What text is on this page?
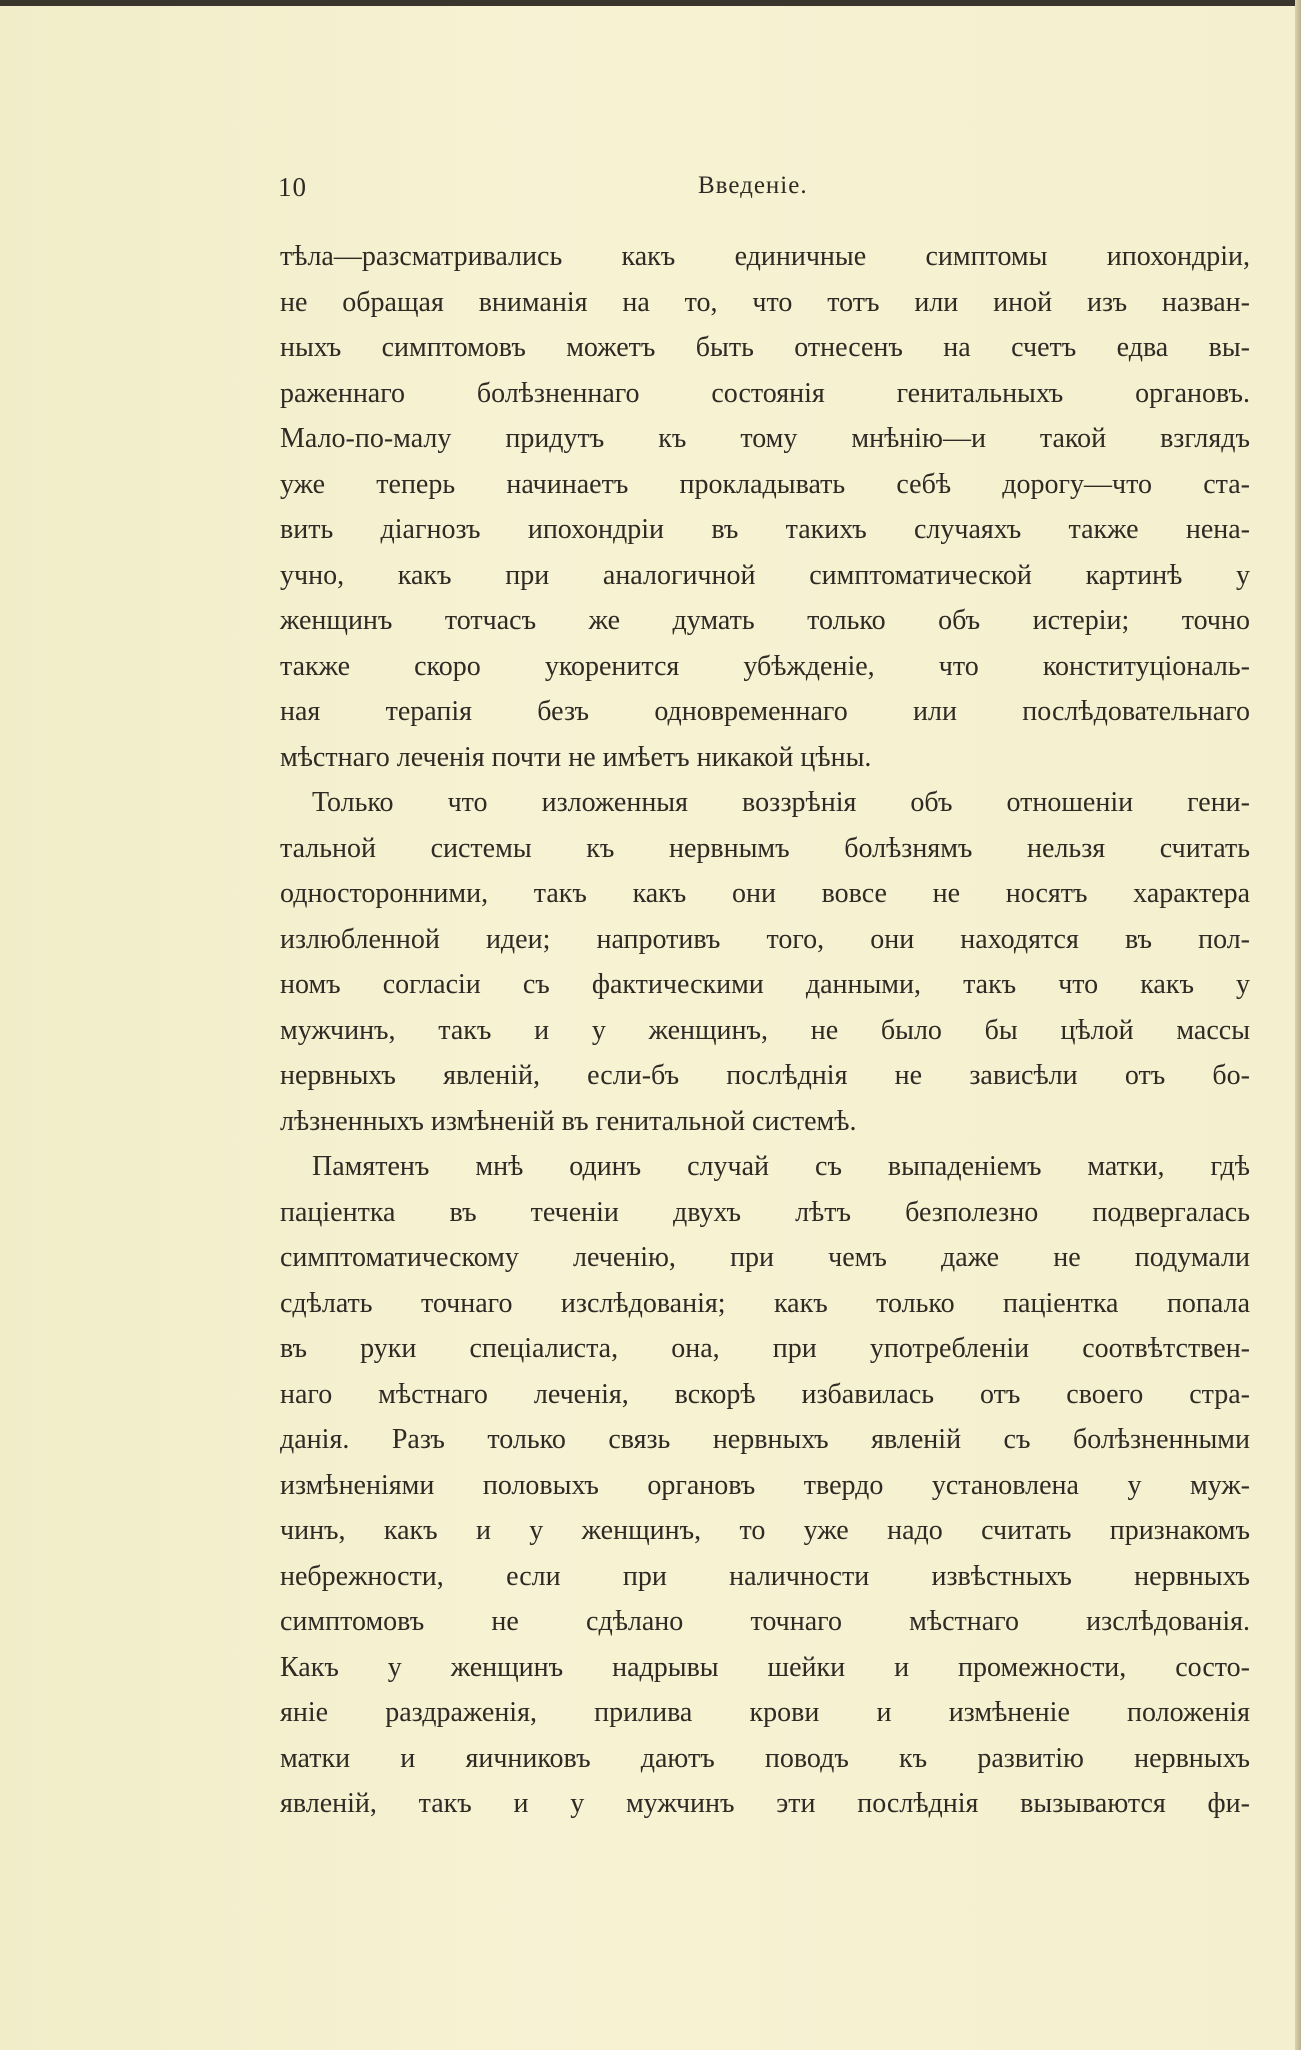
10	Введеніе.
тѣла—разсматривались какъ единичные симптомы ипохондріи,
не обращая вниманія на то, что тотъ или иной изъ назван-
ныхъ симптомовъ можетъ быть отнесенъ на счетъ едва вы-
раженнаго болѣзненнаго состоянія генитальныхъ органовъ.
Мало-по-малу придутъ къ тому мнѣнію—и такой взглядъ
уже теперь начинаетъ прокладывать себѣ дорогу—что ста-
вить діагнозъ ипохондріи въ такихъ случаяхъ также нена-
учно, какъ при аналогичной симптоматической картинѣ у
женщинъ тотчасъ же думать только объ истеріи; точно
также скоро укоренится убѣжденіе, что конституціональ-
ная терапія безъ одновременнаго или послѣдовательнаго
мѣстнаго леченія почти не имѣетъ никакой цѣны.
Только что изложенныя воззрѣнія объ отношеніи гени-
тальной системы къ нервнымъ болѣзнямъ нельзя считать
односторонними, такъ какъ они вовсе не носятъ характера
излюбленной идеи; напротивъ того, они находятся въ пол-
номъ согласіи съ фактическими данными, такъ что какъ у
мужчинъ, такъ и у женщинъ, не было бы цѣлой массы
нервныхъ явленій, если-бъ послѣднія не зависѣли отъ бо-
лѣзненныхъ измѣненій въ генитальной системѣ.
Памятенъ мнѣ одинъ случай съ выпаденіемъ матки, гдѣ
паціентка въ теченіи двухъ лѣтъ безполезно подвергалась
симптоматическому леченію, при чемъ даже не подумали
сдѣлать точнаго изслѣдованія; какъ только паціентка попала
въ руки спеціалиста, она, при употребленіи соотвѣтствен-
наго мѣстнаго леченія, вскорѣ избавилась отъ своего стра-
данія. Разъ только связь нервныхъ явленій съ болѣзненными
измѣненіями половыхъ органовъ твердо установлена у муж-
чинъ, какъ и у женщинъ, то уже надо считать признакомъ
небрежности, если при наличности извѣстныхъ нервныхъ
симптомовъ не сдѣлано точнаго мѣстнаго изслѣдованія.
Какъ у женщинъ надрывы шейки и промежности, состо-
яніе раздраженія, прилива крови и измѣненіе положенія
матки и яичниковъ даютъ поводъ къ развитію нервныхъ
явленій, такъ и у мужчинъ эти послѣднія вызываются фи-
